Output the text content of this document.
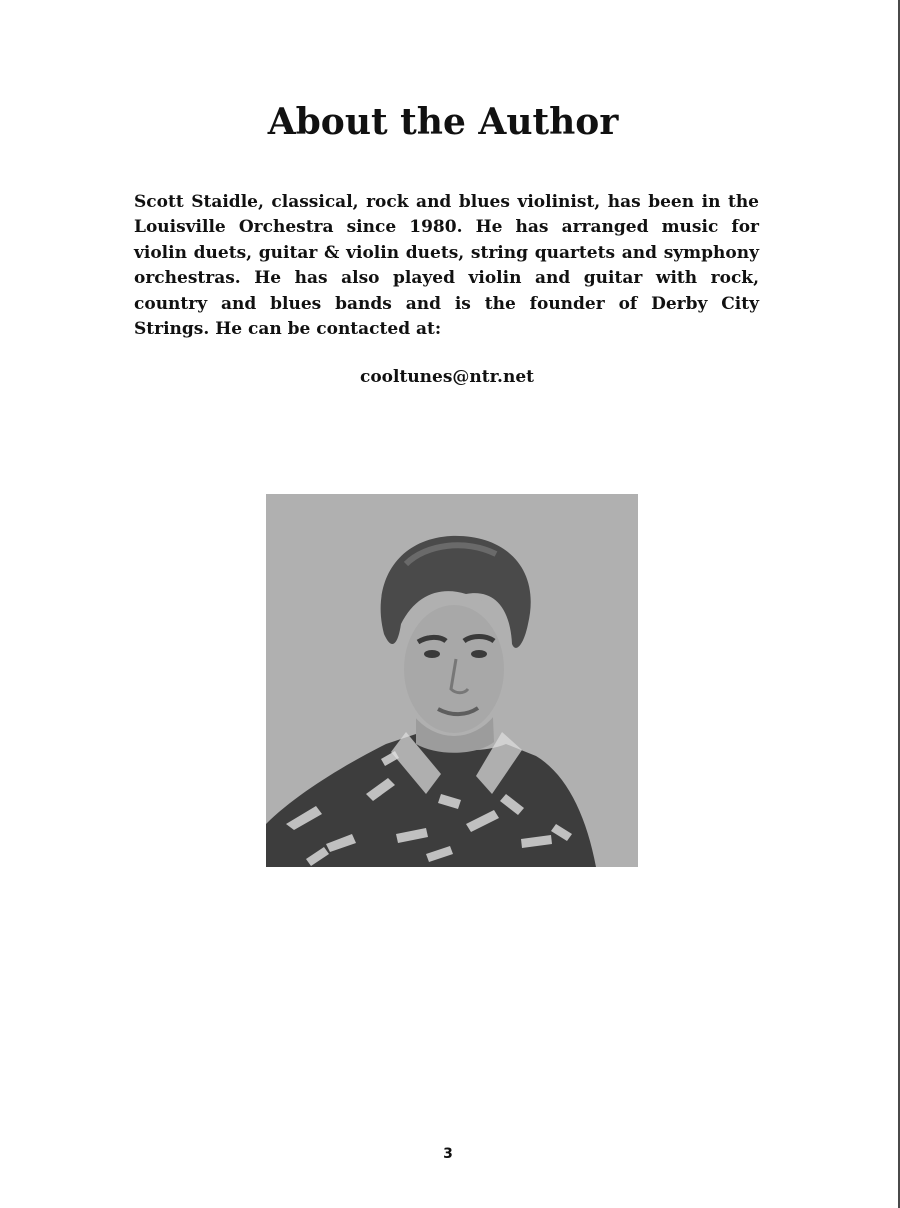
About the Author

Scott Staidle, classical, rock and blues violinist, has been in the Louisville Orchestra since 1980. He has arranged music for violin duets, guitar & violin duets, string quartets and symphony orchestras. He has also played violin and guitar with rock, country and blues bands and is the founder of Derby City Strings. He can be contacted at:

cooltunes@ntr.net
3
